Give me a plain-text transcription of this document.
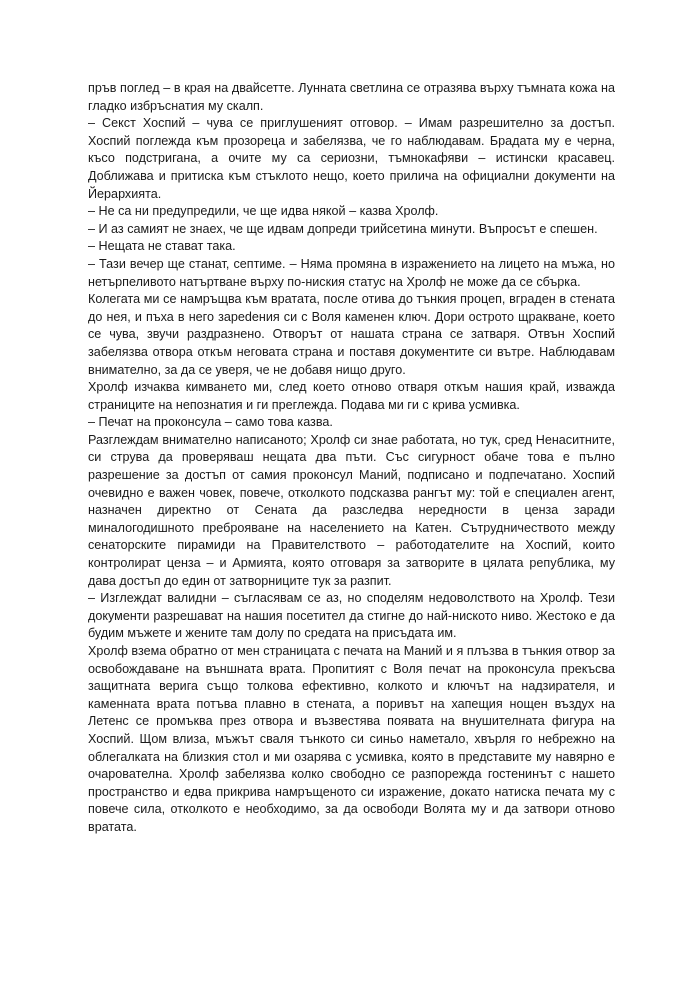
пръв поглед – в края на двайсетте. Лунната светлина се отразява върху тъмната кожа на гладко избръснатия му скалп.

– Секст Хоспий – чува се приглушеният отговор. – Имам разрешително за достъп. Хоспий поглежда към прозореца и забелязва, че го наблюдавам. Брадата му е черна, късо подстригана, а очите му са сериозни, тъмнокафяви – истински красавец. Доближава и притиска към стъклото нещо, което прилича на официални документи на Йерархията.

– Не са ни предупредили, че ще идва някой – казва Хролф.

– И аз самият не знаех, че ще идвам допреди трийсетина минути. Въпросът е спешен.

– Нещата не стават така.

– Тази вечер ще станат, септиме. – Няма промяна в изражението на лицето на мъжа, но нетърпеливото натъртване върху по-ниския статус на Хролф не може да се сбърка.

Колегата ми се намръщва към вратата, после отива до тънкия процеп, вграден в стената до нея, и пъха в него зарedения си с Воля каменен ключ. Дори острото щракване, което се чува, звучи раздразнено. Отворът от нашата страна се затваря. Отвън Хоспий забелязва отвора откъм неговата страна и поставя документите си вътре. Наблюдавам внимателно, за да се уверя, че не добавя нищо друго.

Хролф изчаква кимването ми, след което отново отваря откъм нашия край, изважда страниците на непознатия и ги преглежда. Подава ми ги с крива усмивка.

– Печат на проконсула – само това казва.

Разглеждам внимателно написаното; Хролф си знае работата, но тук, сред Ненаситните, си струва да проверяваш нещата два пъти. Със сигурност обаче това е пълно разрешение за достъп от самия проконсул Маний, подписано и подпечатано. Хоспий очевидно е важен човек, повече, отколкото подсказва рангът му: той е специален агент, назначен директно от Сената да разследва нередности в ценза заради миналогодишното преброяване на населението на Катен. Сътрудничеството между сенаторските пирамиди на Правителството – работодателите на Хоспий, които контролират ценза – и Армията, която отговаря за затворите в цялата република, му дава достъп до един от затворниците тук за разпит.

– Изглеждат валидни – съгласявам се аз, но споделям недоволството на Хролф. Тези документи разрешават на нашия посетител да стигне до най-ниското ниво. Жестоко е да будим мъжете и жените там долу по средата на присъдата им.

Хролф взема обратно от мен страницата с печата на Маний и я плъзва в тънкия отвор за освобождаване на външната врата. Пропитият с Воля печат на проконсула прекъсва защитната верига също толкова ефективно, колкото и ключът на надзирателя, и каменната врата потъва плавно в стената, а поривът на хапещия нощен въздух на Летенс се промъква през отвора и възвестява появата на внушителната фигура на Хоспий. Щом влиза, мъжът сваля тънкото си синьо наметало, хвърля го небрежно на облегалката на близкия стол и ми озарява с усмивка, която в представите му навярно е очарователна. Хролф забелязва колко свободно се разпорежда гостенинът с нашето пространство и едва прикрива намръщеното си изражение, докато натиска печата му с повече сила, отколкото е необходимо, за да освободи Волята му и да затвори отново вратата.
